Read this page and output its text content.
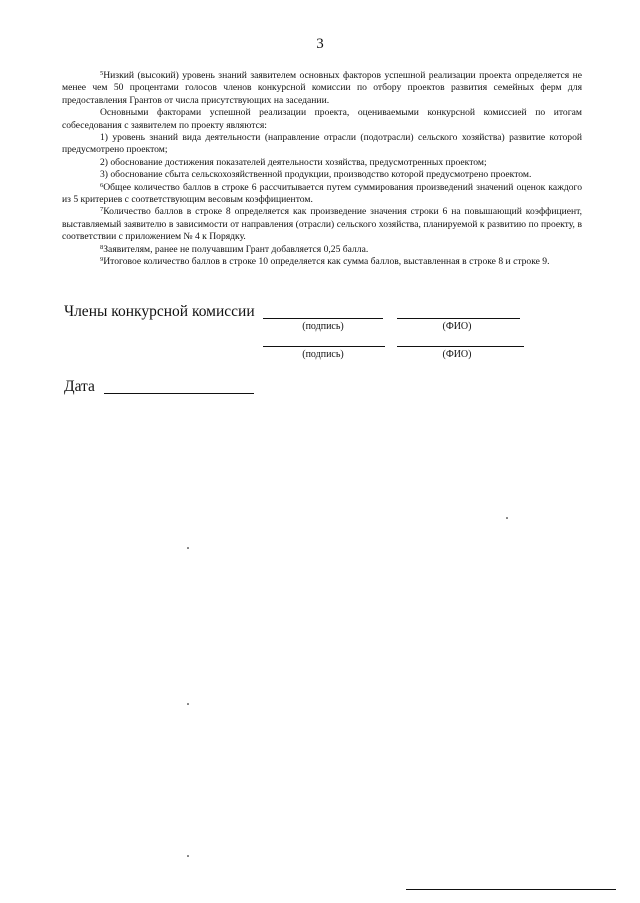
3

$^5$Низкий (высокий) уровень знаний заявителем основных факторов успешной реализации проекта определяется не менее чем 50 процентами голосов членов конкурсной комиссии по отбору проектов развития семейных ферм для предоставления Грантов от числа присутствующих на заседании.

Основными факторами успешной реализации проекта, оцениваемыми конкурсной комиссией по итогам собеседования с заявителем по проекту являются:

1) уровень знаний вида деятельности (направление отрасли (подотрасли) сельского хозяйства) развитие которой предусмотрено проектом;

2) обоснование достижения показателей деятельности хозяйства, предусмотренных проектом;

3) обоснование сбыта сельскохозяйственной продукции, производство которой предусмотрено проектом.

$^6$Общее количество баллов в строке 6 рассчитывается путем суммирования произведений значений оценок каждого из 5 критериев с соответствующим весовым коэффициентом.

$^7$Количество баллов в строке 8 определяется как произведение значения строки 6 на повышающий коэффициент, выставляемый заявителю в зависимости от направления (отрасли) сельского хозяйства, планируемой к развитию по проекту, в соответствии с приложением № 4 к Порядку.

$^8$Заявителям, ранее не получавшим Грант добавляется 0,25 балла.

$^9$Итоговое количество баллов в строке 10 определяется как сумма баллов, выставленная в строке 8 и строке 9.

Члены конкурсной комиссии
(подпись)	(ФИО)
(подпись)	(ФИО)
Дата
